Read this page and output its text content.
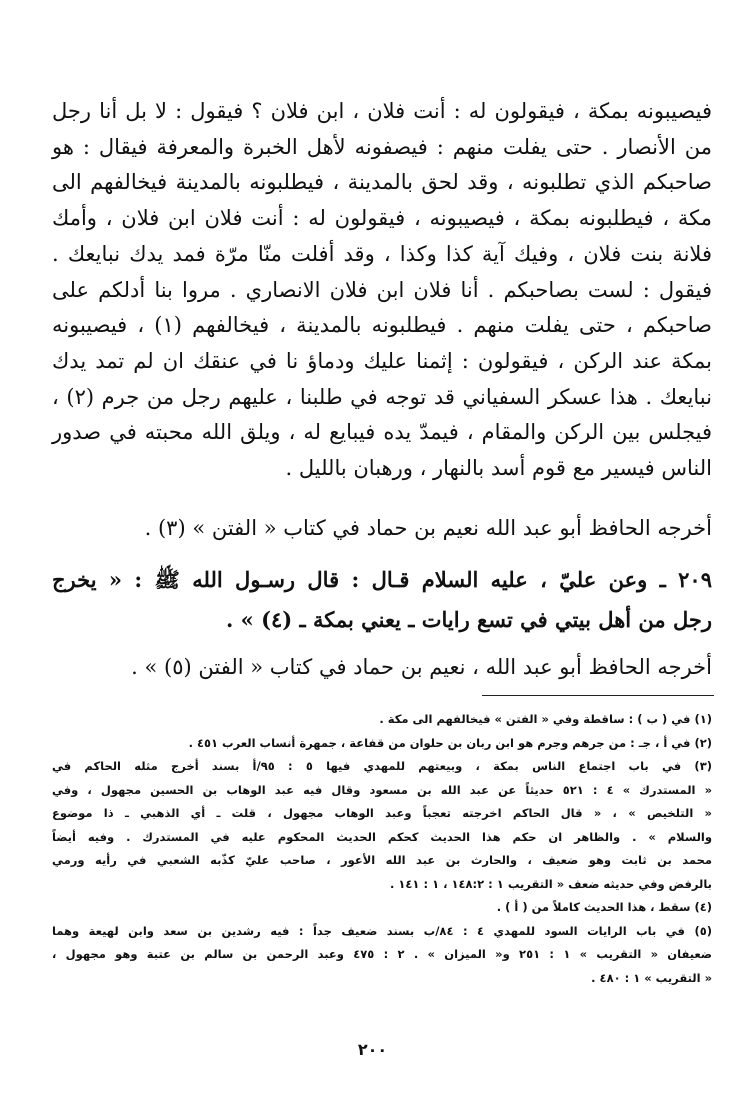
فيصيبونه بمكة ، فيقولون له : أنت فلان ، ابن فلان ؟ فيقول : لا بل أنا رجل
من الأنصار . حتى يفلت منهم : فيصفونه لأهل الخبرة والمعرفة فيقال : هو
صاحبكم الذي تطلبونه ، وقد لحق بالمدينة ، فيطلبونه بالمدينة فيخالفهم الى
مكة ، فيطلبونه بمكة ، فيصيبونه ، فيقولون له : أنت فلان ابن فلان ، وأمك
فلانة بنت فلان ، وفيك آية كذا وكذا ، وقد أفلت منّا مرّة فمد يدك نبايعك .
فيقول : لست بصاحبكم . أنا فلان ابن فلان الانصاري . مروا بنا أدلكم على
صاحبكم ، حتى يفلت منهم . فيطلبونه بالمدينة ، فيخالفهم (١) ، فيصيبونه
بمكة عند الركن ، فيقولون : إثمنا عليك ودماؤ نا في عنقك ان لم تمد يدك
نبايعك . هذا عسكر السفياني قد توجه في طلبنا ، عليهم رجل من جرم (٢) ،
فيجلس بين الركن والمقام ، فيمدّ يده فيبايع له ، ويلق الله محبته في صدور
الناس فيسير مع قوم أسد بالنهار ، ورهبان بالليل .
أخرجه الحافظ أبو عبد الله نعيم بن حماد في كتاب « الفتن » (٣) .
٢٠٩ ـ وعن عليّ ، عليه السلام قـال : قال رسـول الله ﷺ : « يخرج
رجل من أهل بيتي في تسع رايات ـ يعني بمكة ـ (٤) » .
أخرجه الحافظ أبو عبد الله ، نعيم بن حماد في كتاب « الفتن (٥) » .
(١) في ( ب ) : ساقطة وفي « الفتن » فيخالفهم الى مكة .
(٢) في أ ، جـ : من جرهم وجرم هو ابن ربان بن حلوان من قفاعة ، جمهرة أنساب العرب ٤٥١ .
(٣) في باب اجتماع الناس بمكة ، وبيعتهم للمهدي فيها ٥ : ٩٥/أ بسند أخرج مثله الحاكم في
« المستدرك » ٤ : ٥٢١ حديثاً عن عبد الله بن مسعود وقال فيه عبد الوهاب بن الحسين مجهول ، وفي
« التلخيص » ، « قال الحاكم اخرجته تعجباً وعبد الوهاب مجهول ، قلت ـ أي الذهبي ـ ذا موضوع
والسلام » . والظاهر ان حكم هذا الحديث كحكم الحديث المحكوم عليه في المستدرك . وفيه أيضاً
محمد بن ثابت وهو ضعيف ، والحارث بن عبد الله الأعور ، صاحب عليّ كذّبه الشعبي في رأيه ورمي
بالرفض وفي حديثه ضعف « التقريب ١ : ١٤٨:٢ ، ١ : ١٤١ .
(٤) سقط ، هذا الحديث كاملاً من ( أ ) .
(٥) في باب الرايات السود للمهدي ٤ : ٨٤/ب بسند ضعيف جداً : فيه رشدين بن سعد وابن لهيعة وهما
ضعيفان « التقريب » ١ : ٢٥١ و« الميزان » . ٢ : ٤٧٥ وعبد الرحمن بن سالم بن عتبة وهو مجهول ،
« التقريب » ١ : ٤٨٠ .
٢٠٠
